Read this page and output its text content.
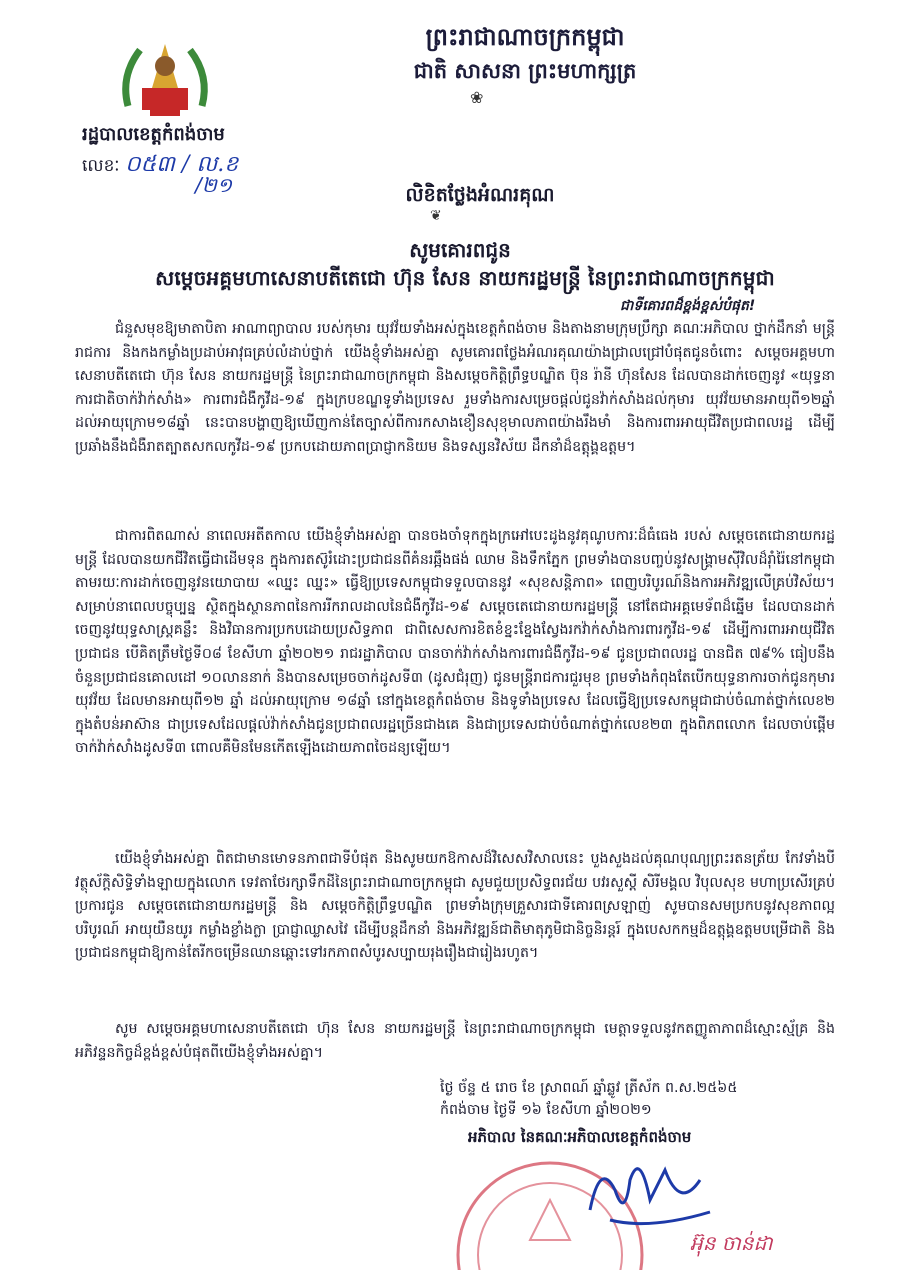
ព្រះរាជាណាចក្រកម្ពុជា
ជាតិ សាសនា ព្រះមហាក្សត្រ
❀
រដ្ឋបាលខេត្តកំពង់ចាម
លេខៈ ០៥៣ / ល.ខ
/២១	លិខិតថ្លែងអំណរគុណ
❦
សូមគោរពជូន
សម្តេចអគ្គមហាសេនាបតីតេជោ ហ៊ុន សែន នាយករដ្ឋមន្ត្រី នៃព្រះរាជាណាចក្រកម្ពុជា
ជាទីគោរពដ៏ខ្ពង់ខ្ពស់បំផុត!
ជំនួសមុខឱ្យមាតាបិតា អាណាព្យាបាល របស់កុមារ យុវវ័យទាំងអស់ក្នុងខេត្តកំពង់ចាម និងតាងនាមក្រុមប្រឹក្សា គណៈអភិបាល ថ្នាក់ដឹកនាំ មន្ត្រីរាជការ និងកងកម្លាំងប្រដាប់អាវុធគ្រប់លំដាប់ថ្នាក់ យើងខ្ញុំទាំងអស់គ្នា សូមគោរពថ្លែងអំណរគុណយ៉ាងជ្រាលជ្រៅបំផុតជូនចំពោះ សម្តេចអគ្គមហាសេនាបតីតេជោ ហ៊ុន សែន នាយករដ្ឋមន្ត្រី នៃព្រះរាជាណាចក្រកម្ពុជា និងសម្តេចកិត្តិព្រឹទ្ធបណ្ឌិត ប៊ុន រ៉ានី ហ៊ុនសែន ដែលបានដាក់ចេញនូវ «យុទ្ធនាការជាតិចាក់វ៉ាក់សាំង» ការពារជំងឺកូវីដ-១៩ ក្នុងក្របខណ្ឌទូទាំងប្រទេស រួមទាំងការសម្រេចផ្តល់ជូនវ៉ាក់សាំងដល់កុមារ យុវវ័យមានអាយុពី១២ឆ្នាំ ដល់អាយុក្រោម១៨ឆ្នាំ នេះបានបង្ហាញឱ្យឃើញកាន់តែច្បាស់ពីការកសាងខឿនសុខុមាលភាពយ៉ាងរឹងមាំ និងការពារអាយុជីវិតប្រជាពលរដ្ឋ ដើម្បីប្រឆាំងនឹងជំងឺរាតត្បាតសកលកូវីដ-១៩ ប្រកបដោយភាពប្រាជ្ញាកនិយម និងទស្សនវិស័យ ដឹកនាំដ៏ឧត្តុង្គឧត្តម។
ជាការពិតណាស់ នាពេលអតីតកាល យើងខ្ញុំទាំងអស់គ្នា បានចងចាំទុកក្នុងក្រអៅបេះដូងនូវគុណូបការៈដ៏ធំធេង របស់ សម្តេចតេជោនាយករដ្ឋមន្ត្រី ដែលបានយកជីវិតធ្វើជាដើមទុន ក្នុងការតស៊ូរំដោះប្រជាជនពីគំនរឆ្អឹងផង់ ឈាម និងទឹកភ្នែក ព្រមទាំងបានបញ្ចប់នូវសង្គ្រាមស៊ីវិលដ៏រ៉ាំរ៉ៃនៅកម្ពុជា តាមរយៈការដាក់ចេញនូវនយោបាយ «ឈ្នះ ឈ្នះ» ធ្វើឱ្យប្រទេសកម្ពុជាទទួលបាននូវ «សុខសន្តិភាព» ពេញបរិបូរណ៍និងការអភិវឌ្ឍលើគ្រប់វិស័យ។ សម្រាប់នាពេលបច្ចុប្បន្ន ស្ថិតក្នុងស្ថានភាពនៃការរីករាលដាលនៃជំងឺកូវីដ-១៩ សម្តេចតេជោនាយករដ្ឋមន្ត្រី នៅតែជាអគ្គមេទ័ពដ៏ឆ្នើម ដែលបានដាក់ចេញនូវយុទ្ធសាស្ត្រគន្លឹះ និងវិធានការប្រកបដោយប្រសិទ្ធភាព ជាពិសេសការខិតខំខ្នះខ្នែងស្វែងរកវ៉ាក់សាំងការពារកូវីដ-១៩ ដើម្បីការពារអាយុជីវិតប្រជាជន បើគិតត្រឹមថ្ងៃទី០៨ ខែសីហា ឆ្នាំ២០២១ រាជរដ្ឋាភិបាល បានចាក់វ៉ាក់សាំងការពារជំងឺកូវីដ-១៩ ជូនប្រជាពលរដ្ឋ បានជិត ៧៩% ធៀបនឹងចំនួនប្រជាជនគោលដៅ ១០លាននាក់ និងបានសម្រេចចាក់ដូសទី៣ (ដូសជំរុញ) ជូនមន្ត្រីរាជការជួរមុខ ព្រមទាំងកំពុងតែបើកយុទ្ធនាការចាក់ជូនកុមារ យុវវ័យ ដែលមានអាយុពី១២ ឆ្នាំ ដល់អាយុក្រោម ១៨ឆ្នាំ នៅក្នុងខេត្តកំពង់ចាម និងទូទាំងប្រទេស ដែលធ្វើឱ្យប្រទេសកម្ពុជាជាប់ចំណាត់ថ្នាក់លេខ២ ក្នុងតំបន់អាស៊ាន ជាប្រទេសដែលផ្តល់វ៉ាក់សាំងជូនប្រជាពលរដ្ឋច្រើនជាងគេ និងជាប្រទេសជាប់ចំណាត់ថ្នាក់លេខ២៣ ក្នុងពិភពលោក ដែលចាប់ផ្តើមចាក់វ៉ាក់សាំងដូសទី៣ ពោលគឺមិនមែនកើតឡើងដោយភាពចៃដន្យឡើយ។
យើងខ្ញុំទាំងអស់គ្នា ពិតជាមានមោទនភាពជាទីបំផុត និងសូមយកឱកាសដ៏វិសេសវិសាលនេះ បួងសួងដល់គុណបុណ្យព្រះរតនត្រ័យ កែវទាំងបី វត្ថុស័ក្តិសិទ្ធិទាំងឡាយក្នុងលោក ទេវតាថែរក្សាទឹកដីនៃព្រះរាជាណាចក្រកម្ពុជា សូមជួយប្រសិទ្ធពរជ័យ បវរសួស្តី សិរីមង្គល វិបុលសុខ មហាប្រសើរគ្រប់ប្រការជូន សម្តេចតេជោនាយករដ្ឋមន្ត្រី និង សម្តេចកិត្តិព្រឹទ្ធបណ្ឌិត ព្រមទាំងក្រុមគ្រួសារជាទីគោរពស្រឡាញ់ សូមបានសមប្រកបនូវសុខភាពល្អបរិបូរណ៍ អាយុយឺនយូរ កម្លាំងខ្លាំងក្លា ប្រាជ្ញាឈ្លាសវៃ ដើម្បីបន្តដឹកនាំ និងអភិវឌ្ឍន៍ជាតិមាតុភូមិជានិច្ចនិរន្តរ៍ ក្នុងបេសកកម្មដ៏ឧត្តុង្គឧត្តមបម្រើជាតិ និងប្រជាជនកម្ពុជាឱ្យកាន់តែរីកចម្រើនឈានឆ្ពោះទៅរកភាពសំបូរសប្បាយរុងរឿងជារៀងរហូត។
សូម សម្តេចអគ្គមហាសេនាបតីតេជោ ហ៊ុន សែន នាយករដ្ឋមន្ត្រី នៃព្រះរាជាណាចក្រកម្ពុជា មេត្តាទទួលនូវកតញ្ញូតាភាពដ៏ស្មោះស្ម័គ្រ និងអភិវន្ទនកិច្ចដ៏ខ្ពង់ខ្ពស់បំផុតពីយើងខ្ញុំទាំងអស់គ្នា។
ថ្ងៃ ច័ន្ទ ៥ រោច ខែ ស្រាពណ៍ ឆ្នាំឆ្លូវ ត្រីស័ក ព.ស.២៥៦៥
កំពង់ចាម ថ្ងៃទី ១៦ ខែសីហា ឆ្នាំ២០២១
អភិបាល នៃគណៈអភិបាលខេត្តកំពង់ចាម
អ៊ុន ចាន់ដា
